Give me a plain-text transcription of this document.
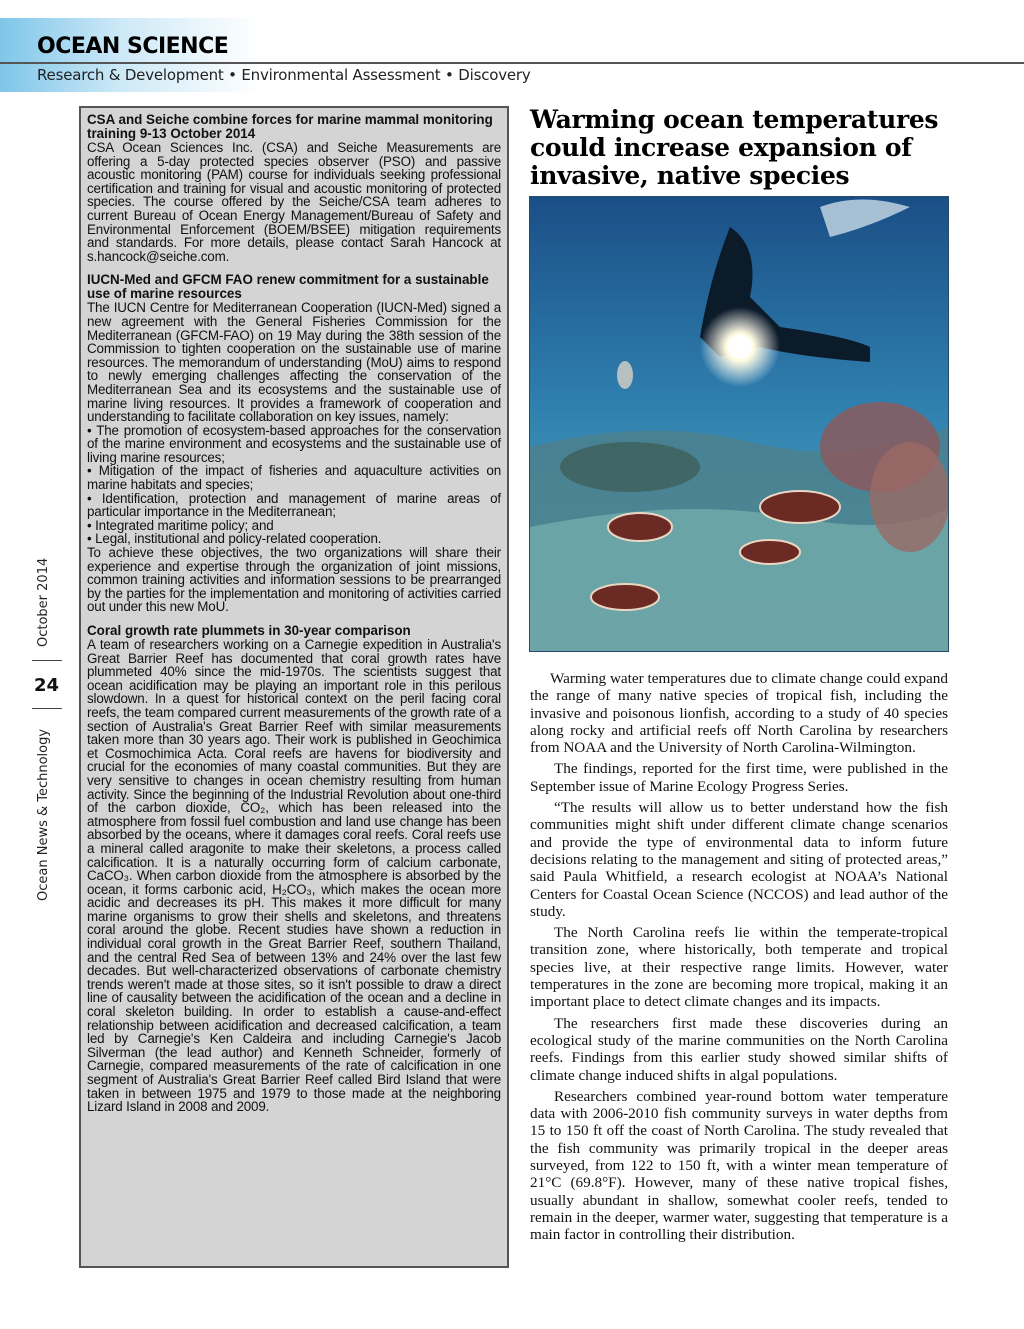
OCEAN SCIENCE
Research & Development • Environmental Assessment • Discovery
October 2014
24
Ocean News & Technology
CSA and Seiche combine forces for marine mammal monitoring training 9-13 October 2014
CSA Ocean Sciences Inc. (CSA) and Seiche Measurements are offering a 5-day protected species observer (PSO) and passive acoustic monitoring (PAM) course for individuals seeking professional certification and training for visual and acoustic monitoring of protected species. The course offered by the Seiche/CSA team adheres to current Bureau of Ocean Energy Management/Bureau of Safety and Environmental Enforcement (BOEM/BSEE) mitigation requirements and standards. For more details, please contact Sarah Hancock at s.hancock@seiche.com.
IUCN-Med and GFCM FAO renew commitment for a sustainable use of marine resources
The IUCN Centre for Mediterranean Cooperation (IUCN-Med) signed a new agreement with the General Fisheries Commission for the Mediterranean (GFCM-FAO) on 19 May during the 38th session of the Commission to tighten cooperation on the sustainable use of marine resources. The memorandum of understanding (MoU) aims to respond to newly emerging challenges affecting the conservation of the Mediterranean Sea and its ecosystems and the sustainable use of marine living resources. It provides a framework of cooperation and understanding to facilitate collaboration on key issues, namely:
• The promotion of ecosystem-based approaches for the conservation of the marine environment and ecosystems and the sustainable use of living marine resources;
• Mitigation of the impact of fisheries and aquaculture activities on marine habitats and species;
• Identification, protection and management of marine areas of particular importance in the Mediterranean;
• Integrated maritime policy; and
• Legal, institutional and policy-related cooperation.
To achieve these objectives, the two organizations will share their experience and expertise through the organization of joint missions, common training activities and information sessions to be prearranged by the parties for the implementation and monitoring of activities carried out under this new MoU.
Coral growth rate plummets in 30-year comparison
A team of researchers working on a Carnegie expedition in Australia's Great Barrier Reef has documented that coral growth rates have plummeted 40% since the mid-1970s. The scientists suggest that ocean acidification may be playing an important role in this perilous slowdown. In a quest for historical context on the peril facing coral reefs, the team compared current measurements of the growth rate of a section of Australia's Great Barrier Reef with similar measurements taken more than 30 years ago. Their work is published in Geochimica et Cosmochimica Acta. Coral reefs are havens for biodiversity and crucial for the economies of many coastal communities. But they are very sensitive to changes in ocean chemistry resulting from human activity. Since the beginning of the Industrial Revolution about one-third of the carbon dioxide, CO₂, which has been released into the atmosphere from fossil fuel combustion and land use change has been absorbed by the oceans, where it damages coral reefs. Coral reefs use a mineral called aragonite to make their skeletons, a process called calcification. It is a naturally occurring form of calcium carbonate, CaCO₃. When carbon dioxide from the atmosphere is absorbed by the ocean, it forms carbonic acid, H₂CO₃, which makes the ocean more acidic and decreases its pH. This makes it more difficult for many marine organisms to grow their shells and skeletons, and threatens coral around the globe. Recent studies have shown a reduction in individual coral growth in the Great Barrier Reef, southern Thailand, and the central Red Sea of between 13% and 24% over the last few decades. But well-characterized observations of carbonate chemistry trends weren't made at those sites, so it isn't possible to draw a direct line of causality between the acidification of the ocean and a decline in coral skeleton building. In order to establish a cause-and-effect relationship between acidification and decreased calcification, a team led by Carnegie's Ken Caldeira and including Carnegie's Jacob Silverman (the lead author) and Kenneth Schneider, formerly of Carnegie, compared measurements of the rate of calcification in one segment of Australia's Great Barrier Reef called Bird Island that were taken in between 1975 and 1979 to those made at the neighboring Lizard Island in 2008 and 2009.
Warming ocean temperatures could increase expansion of invasive, native species

Warming water temperatures due to climate change could expand the range of many native species of tropical fish, including the invasive and poisonous lionfish, according to a study of 40 species along rocky and artificial reefs off North Carolina by researchers from NOAA and the University of North Carolina-Wilmington.

The findings, reported for the first time, were published in the September issue of Marine Ecology Progress Series.

“The results will allow us to better understand how the fish communities might shift under different climate change scenarios and provide the type of environmental data to inform future decisions relating to the management and siting of protected areas,” said Paula Whitfield, a research ecologist at NOAA’s National Centers for Coastal Ocean Science (NCCOS) and lead author of the study.

The North Carolina reefs lie within the temperate-tropical transition zone, where historically, both temperate and tropical species live, at their respective range limits. However, water temperatures in the zone are becoming more tropical, making it an important place to detect climate changes and its impacts.

The researchers first made these discoveries during an ecological study of the marine communities on the North Carolina reefs. Findings from this earlier study showed similar shifts of climate change induced shifts in algal populations.

Researchers combined year-round bottom water temperature data with 2006-2010 fish community surveys in water depths from 15 to 150 ft off the coast of North Carolina. The study revealed that the fish community was primarily tropical in the deeper areas surveyed, from 122 to 150 ft, with a winter mean temperature of 21°C (69.8°F). However, many of these native tropical fishes, usually abundant in shallow, somewhat cooler reefs, tended to remain in the deeper, warmer water, suggesting that temperature is a main factor in controlling their distribution.
